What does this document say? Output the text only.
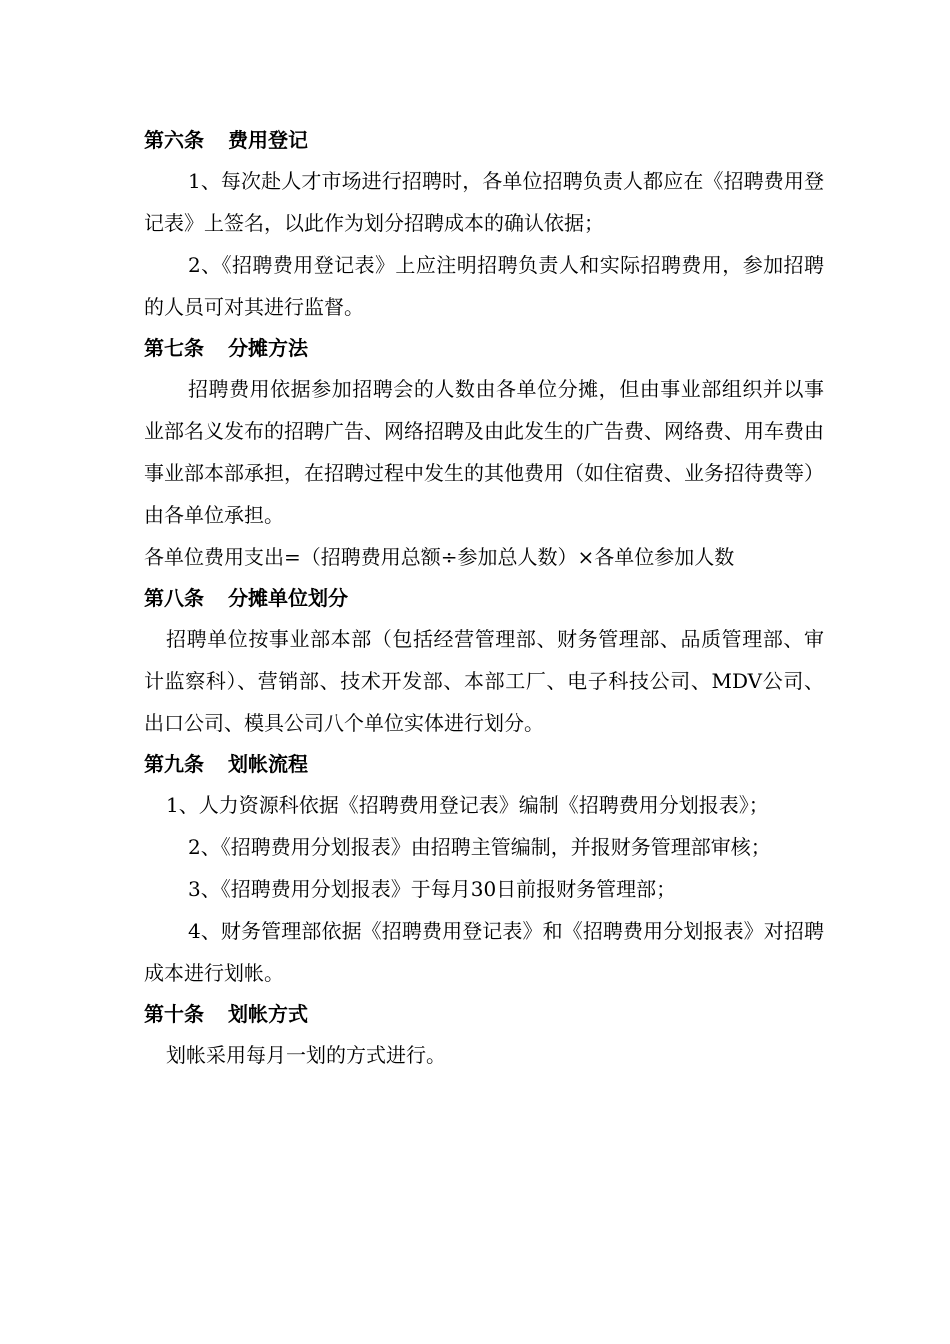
第六条 费用登记

1、每次赴人才市场进行招聘时，各单位招聘负责人都应在《招聘费用登记表》上签名，以此作为划分招聘成本的确认依据；

2、《招聘费用登记表》上应注明招聘负责人和实际招聘费用，参加招聘的人员可对其进行监督。

第七条 分摊方法

招聘费用依据参加招聘会的人数由各单位分摊，但由事业部组织并以事业部名义发布的招聘广告、网络招聘及由此发生的广告费、网络费、用车费由事业部本部承担，在招聘过程中发生的其他费用（如住宿费、业务招待费等）由各单位承担。

各单位费用支出=（招聘费用总额÷参加总人数）×各单位参加人数

第八条 分摊单位划分

招聘单位按事业部本部（包括经营管理部、财务管理部、品质管理部、审计监察科）、营销部、技术开发部、本部工厂、电子科技公司、MDV公司、出口公司、模具公司八个单位实体进行划分。

第九条 划帐流程

1、人力资源科依据《招聘费用登记表》编制《招聘费用分划报表》；

2、《招聘费用分划报表》由招聘主管编制，并报财务管理部审核；

3、《招聘费用分划报表》于每月30日前报财务管理部；

4、财务管理部依据《招聘费用登记表》和《招聘费用分划报表》对招聘成本进行划帐。

第十条 划帐方式

划帐采用每月一划的方式进行。
